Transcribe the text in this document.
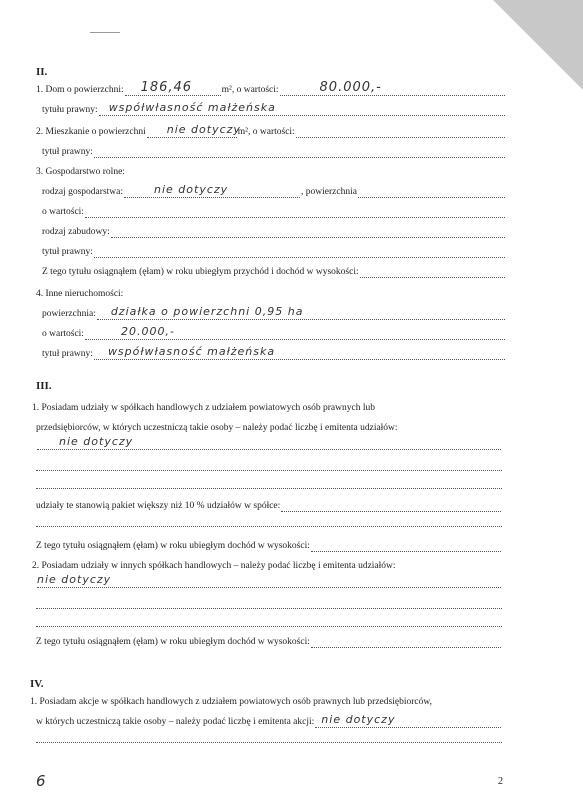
II.
1. Dom o powierzchni: 186,46	m², o wartości:	80.000,-
tytułu prawny: współwłasność małżeńska
2. Mieszkanie o powierzchni nie dotyczy
m², o wartości:
tytuł prawny:
3. Gospodarstwo rolne:
rodzaj gospodarstwa:	nie dotyczy	, powierzchnia
o wartości:
rodzaj zabudowy:
tytuł prawny:
Z tego tytułu osiągnąłem (ęłam) w roku ubiegłym przychód i dochód w wysokości:
4. Inne nieruchomości:
powierzchnia: działka o powierzchni 0,95 ha
o wartości:	20.000,-
tytuł prawny: współwłasność małżeńska
III.
1. Posiadam udziały w spółkach handlowych z udziałem powiatowych osób prawnych lub
przedsiębiorców, w których uczestniczą takie osoby – należy podać liczbę i emitenta udziałów:
nie dotyczy
udziały te stanowią pakiet większy niż 10 % udziałów w spółce:
Z tego tytułu osiągnąłem (ęłam) w roku ubiegłym dochód w wysokości:
2. Posiadam udziały w innych spółkach handlowych – należy podać liczbę i emitenta udziałów:
nie dotyczy
Z tego tytułu osiągnąłem (ęłam) w roku ubiegłym dochód w wysokości:
IV.
1. Posiadam akcje w spółkach handlowych z udziałem powiatowych osób prawnych lub przedsiębiorców,
w których uczestniczą takie osoby – należy podać liczbę i emitenta akcji: nie dotyczy
6	2
